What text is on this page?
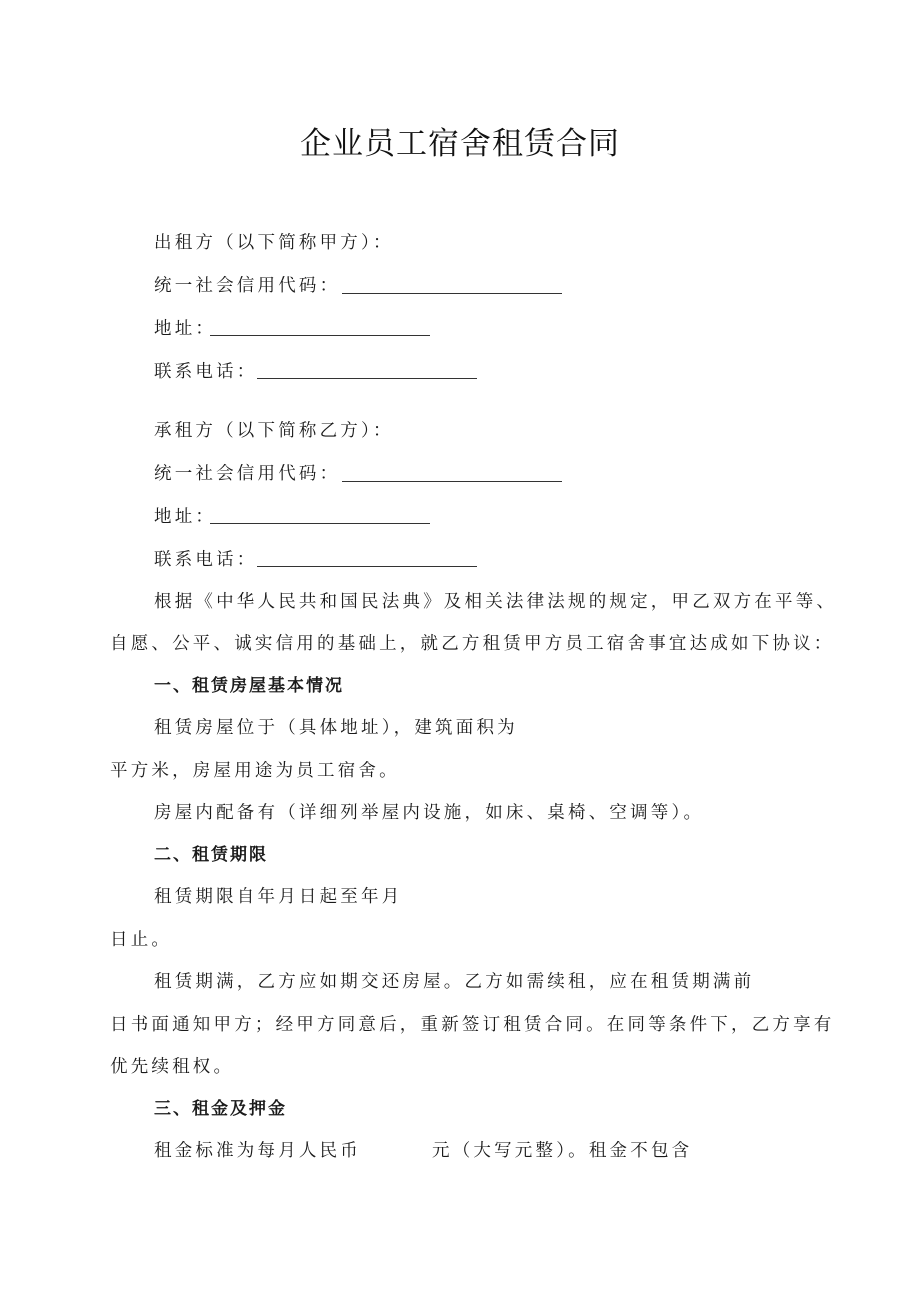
企业员工宿舍租赁合同
出租方（以下简称甲方）：
统一社会信用代码：
地址：
联系电话：
承租方（以下简称乙方）：
统一社会信用代码：
地址：
联系电话：
根据《中华人民共和国民法典》及相关法律法规的规定，甲乙双方在平等、
自愿、公平、诚实信用的基础上，就乙方租赁甲方员工宿舍事宜达成如下协议：
一、租赁房屋基本情况
租赁房屋位于（具体地址），建筑面积为
平方米，房屋用途为员工宿舍。
房屋内配备有（详细列举屋内设施，如床、桌椅、空调等）。
二、租赁期限
租赁期限自年月日起至年月
日止。
租赁期满，乙方应如期交还房屋。乙方如需续租，应在租赁期满前
日书面通知甲方；经甲方同意后，重新签订租赁合同。在同等条件下，乙方享有
优先续租权。
三、租金及押金
租金标准为每月人民币	元（大写元整）。租金不包含
